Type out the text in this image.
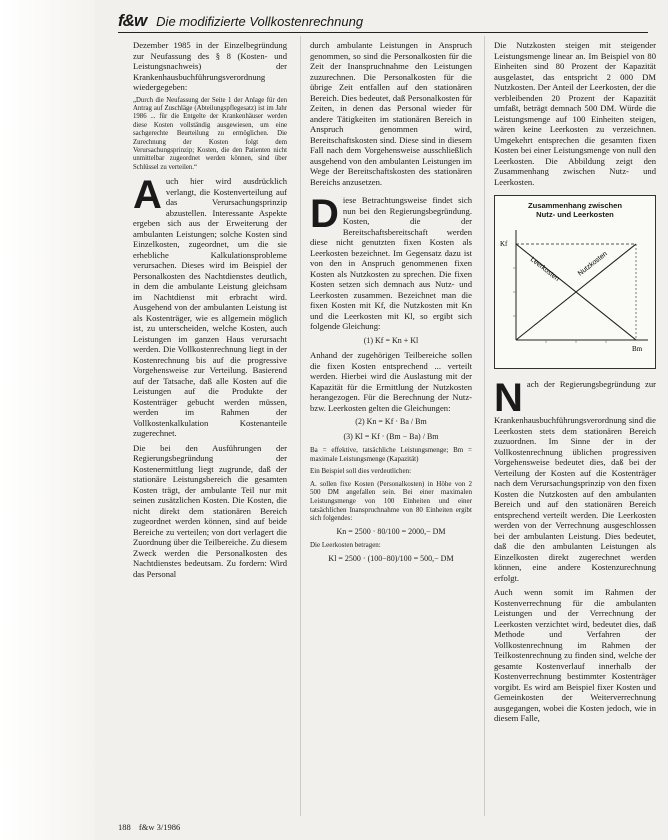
f&w Die modifizierte Vollkostenrechnung

Dezember 1985 in der Einzelbegründung zur Neufassung des § 8 (Kosten- und Leistungsnachweis) der Krankenhausbuchführungsverordnung wiedergegeben:

„Durch die Neufassung der Seite 1 der Anlage für den Antrag auf Zuschläge (Abteilungspflegesatz) ist im Jahr 1986 ... für die Entgelte der Krankenhäuser werden diese Kosten vollständig ausgewiesen, um eine sachgerechte Beurteilung zu ermöglichen. Die Zurechnung der Kosten folgt dem Verursachungsprinzip; Kosten, die den Patienten nicht unmittelbar zugeordnet werden können, sind über Schlüssel zu verteilen.“

Auch hier wird ausdrücklich verlangt, die Kostenverteilung auf das Verursachungsprinzip abzustellen. Interessante Aspekte ergeben sich aus der Erweiterung der ambulanten Leistungen; solche Kosten sind Einzelkosten, zugeordnet, um die sie erhebliche Kalkulationsprobleme verursachen. Dieses wird im Beispiel der Personalkosten des Nachtdienstes deutlich, in dem die ambulante Leistung gleichsam im Nachtdienst mit erbracht wird. Ausgehend von der ambulanten Leistung ist als Kostenträger, wie es allgemein möglich ist, zu unterscheiden, welche Kosten, auch Leistungen im ganzen Haus verursacht werden. Die Vollkostenrechnung liegt in der Kostenrechnung bis auf die progressive Vorgehensweise zur Verteilung. Basierend auf der Tatsache, daß alle Kosten auf die Leistungen auf die Produkte der Kostenträger gebucht werden müssen, werden im Rahmen der Vollkostenkalkulation Kostenanteile zugerechnet.

Die bei den Ausführungen der Regierungsbegründung der Kostenermittlung liegt zugrunde, daß der stationäre Leistungsbereich die gesamten Kosten trägt, der ambulante Teil nur mit seinen zusätzlichen Kosten. Die Kosten, die nicht direkt dem stationären Bereich zugeordnet werden können, sind auf beide Bereiche zu verteilen; von dort verlagert die Zuordnung über die Teilbereiche. Zu diesem Zweck werden die Personalkosten des Nachtdienstes bedeutsam. Zu fordern: Wird das Personal

durch ambulante Leistungen in Anspruch genommen, so sind die Personalkosten für die Zeit der Inanspruchnahme den Leistungen zuzurechnen. Die Personalkosten für die übrige Zeit entfallen auf den stationären Bereich. Dies bedeutet, daß Personalkosten für Zeiten, in denen das Personal wieder für andere Tätigkeiten im stationären Bereich in Anspruch genommen wird, Bereitschaftskosten sind. Diese sind in diesem Fall nach dem Vorgehensweise ausschließlich ausgehend von den ambulanten Leistungen im Wege der Bereitschaftskosten des stationären Bereichs anzusetzen.

Diese Betrachtungsweise findet sich nun bei den Regierungsbegründung. Kosten, die der Bereitschaftsbereitschaft werden diese nicht genutzten fixen Kosten als Leerkosten bezeichnet. Im Gegensatz dazu ist von den in Anspruch genommenen fixen Kosten als Nutzkosten zu sprechen. Die fixen Kosten setzen sich demnach aus Nutz- und Leerkosten zusammen. Bezeichnet man die fixen Kosten mit Kf, die Nutzkosten mit Kn und die Leerkosten mit Kl, so ergibt sich folgende Gleichung:

(1) Kf = Kn + Kl

Anhand der zugehörigen Teilbereiche sollen die fixen Kosten entsprechend ... verteilt werden. Hierbei wird die Auslastung mit der Kapazität für die Ermittlung der Nutzkosten herangezogen. Für die Berechnung der Nutz- bzw. Leerkosten gelten die Gleichungen:

(2) Kn = Kf · Ba / Bm
(3) Kl = Kf · (Bm − Ba) / Bm

Ba = effektive, tatsächliche Leistungsmenge; Bm = maximale Leistungsmenge (Kapazität)

Ein Beispiel soll dies verdeutlichen:

A. sollen fixe Kosten (Personalkosten) in Höhe von 2 500 DM angefallen sein. Bei einer maximalen Leistungsmenge von 100 Einheiten und einer tatsächlichen Inanspruchnahme von 80 Einheiten ergibt sich folgendes:

Kn = 2500 · 80/100 = 2000,− DM

Die Leerkosten betragen:

Kl = 2500 · (100−80)/100 = 500,− DM

Die Nutzkosten steigen mit steigender Leistungsmenge linear an. Im Beispiel von 80 Einheiten sind 80 Prozent der Kapazität ausgelastet, das entspricht 2 000 DM Nutzkosten. Der Anteil der Leerkosten, der die verbleibenden 20 Prozent der Kapazität umfaßt, beträgt demnach 500 DM. Würde die Leistungsmenge auf 100 Einheiten steigen, wären keine Leerkosten zu verzeichnen. Umgekehrt entsprechen die gesamten fixen Kosten bei einer Leistungsmenge von null den Leerkosten. Die Abbildung zeigt den Zusammenhang zwischen Nutz- und Leerkosten.

Zusammenhang zwischen
Nutz- und Leerkosten
Kf
Bm
Nutzkosten
Leerkosten

Nach der Regierungsbegründung zur Krankenhausbuchführungsverordnung sind die Leerkosten stets dem stationären Bereich zuzuordnen. Im Sinne der in der Vollkostenrechnung üblichen progressiven Vorgehensweise bedeutet dies, daß bei der Verteilung der Kosten auf die Kostenträger nach dem Verursachungsprinzip von den fixen Kosten die Nutzkosten auf den ambulanten Bereich und auf den stationären Bereich entsprechend verteilt werden. Die Leerkosten werden von der Verrechnung ausgeschlossen bei der ambulanten Leistung. Dies bedeutet, daß die den ambulanten Leistungen als Einzelkosten direkt zugerechnet werden können, eine andere Kostenzurechnung erfolgt.

Auch wenn somit im Rahmen der Kostenverrechnung für die ambulanten Leistungen und der Verrechnung der Leerkosten verzichtet wird, bedeutet dies, daß Methode und Verfahren der Vollkostenrechnung im Rahmen der Teilkostenrechnung zu finden sind, welche der gesamte Kostenverlauf innerhalb der Kostenverrechnung bestimmter Kostenträger vorgibt. Es wird am Beispiel fixer Kosten und Gemeinkosten der Weiterverrechnung ausgegangen, wobei die Kosten jedoch, wie in diesem Falle,

188 f&w 3/1986
